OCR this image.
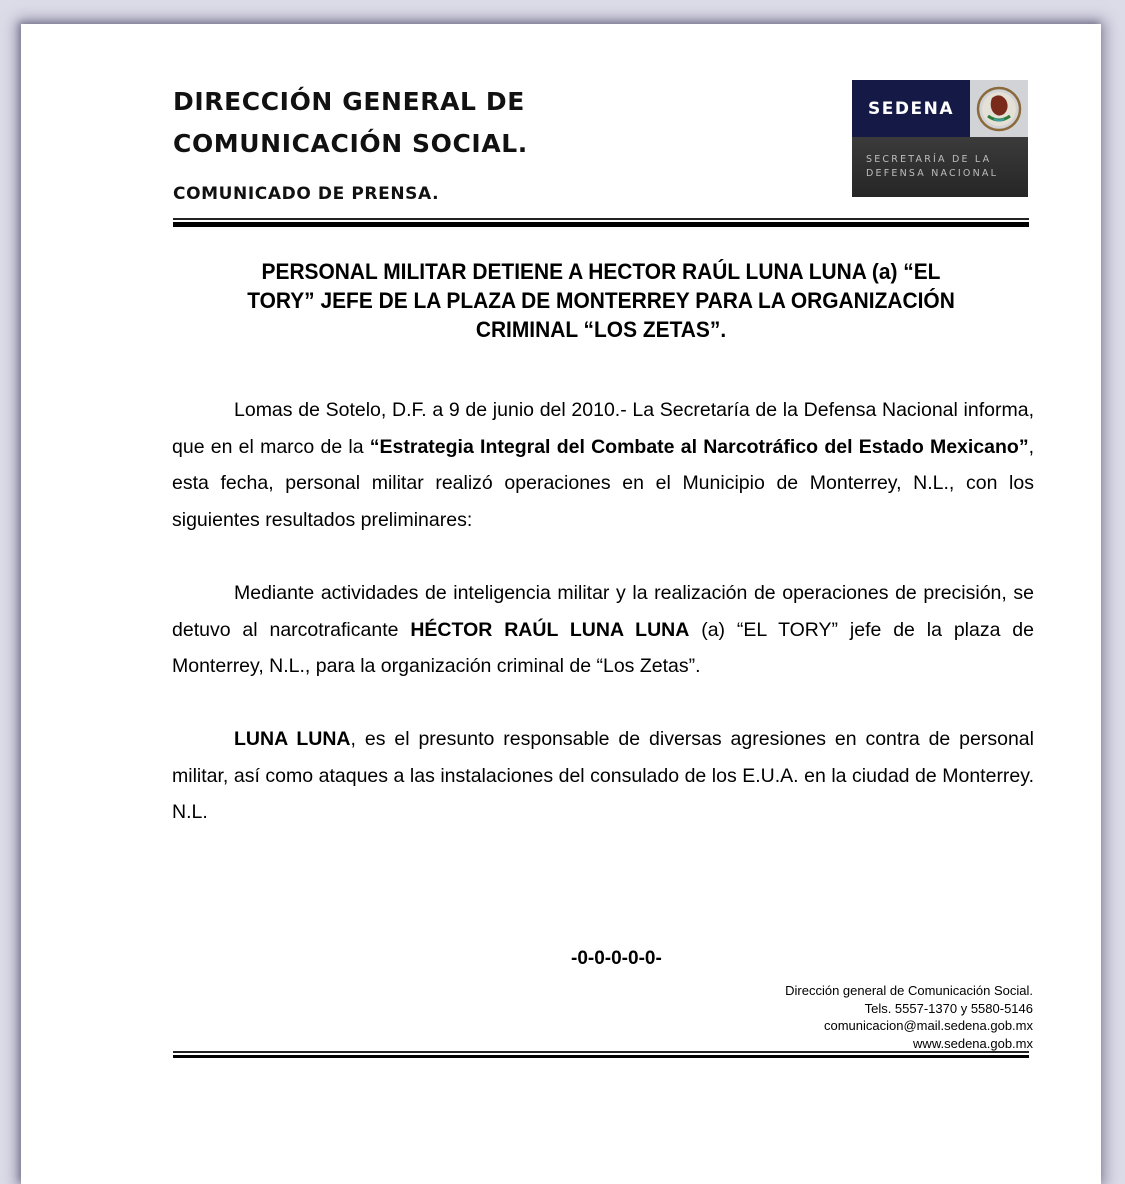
DIRECCIÓN GENERAL DE
COMUNICACIÓN SOCIAL.
COMUNICADO DE PRENSA.
SEDENA
SECRETARÍA DE LA
DEFENSA NACIONAL
PERSONAL MILITAR DETIENE A HECTOR RAÚL LUNA LUNA (a) “EL
TORY” JEFE DE LA PLAZA DE MONTERREY PARA LA ORGANIZACIÓN
CRIMINAL “LOS ZETAS”.
Lomas de Sotelo, D.F. a 9 de junio del 2010.- La Secretaría de la Defensa Nacional informa, que en el marco de la “Estrategia Integral del Combate al Narcotráfico del Estado Mexicano”, esta fecha, personal militar realizó operaciones en el Municipio de Monterrey, N.L., con los siguientes resultados preliminares:
Mediante actividades de inteligencia militar y la realización de operaciones de precisión, se detuvo al narcotraficante HÉCTOR RAÚL LUNA LUNA (a) “EL TORY” jefe de la plaza de Monterrey, N.L., para la organización criminal de “Los Zetas”.
LUNA LUNA, es el presunto responsable de diversas agresiones en contra de personal militar, así como ataques a las instalaciones del consulado de los E.U.A. en la ciudad de Monterrey. N.L.
-0-0-0-0-0-
Dirección general de Comunicación Social.
Tels. 5557-1370 y 5580-5146
comunicacion@mail.sedena.gob.mx
www.sedena.gob.mx
